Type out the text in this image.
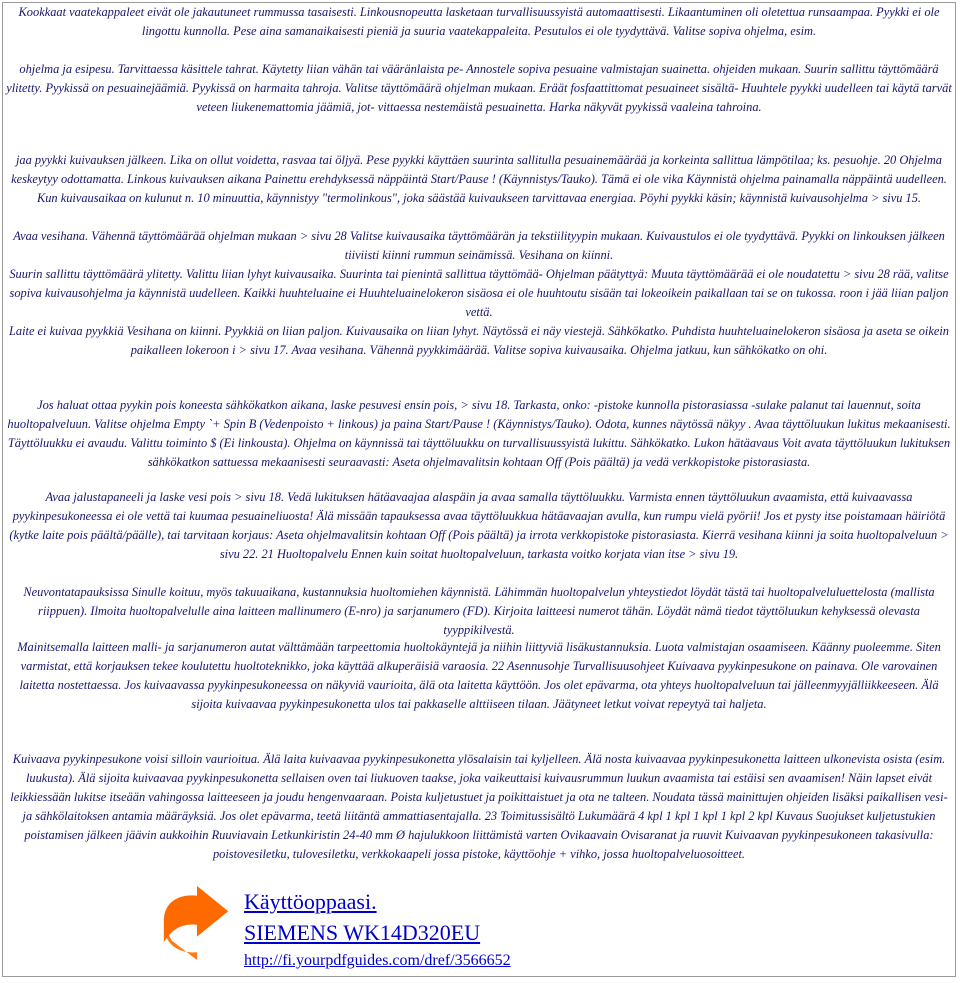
Kookkaat vaatekappaleet eivät ole jakautuneet rummussa tasaisesti. Linkousnopeutta lasketaan turvallisuussyistä automaattisesti. Likaantuminen oli oletettua runsaampaa. Pyykki ei ole lingottu kunnolla. Pese aina samanaikaisesti pieniä ja suuria vaatekappaleita. Pesutulos ei ole tyydyttävä. Valitse sopiva ohjelma, esim.

ohjelma ja esipesu. Tarvittaessa käsittele tahrat. Käytetty liian vähän tai vääränlaista pe- Annostele sopiva pesuaine valmistajan suainetta. ohjeiden mukaan. Suurin sallittu täyttömäärä ylitetty. Pyykissä on pesuainejäämiä. Pyykissä on harmaita tahroja. Valitse täyttömäärä ohjelman mukaan. Eräät fosfaattittomat pesuaineet sisältä- Huuhtele pyykki uudelleen tai käytä tarvät veteen liukenemattomia jäämiä, jot- vittaessa nestemäistä pesuainetta. Harka näkyvät pyykissä vaaleina tahroina.

jaa pyykki kuivauksen jälkeen. Lika on ollut voidetta, rasvaa tai öljyä. Pese pyykki käyttäen suurinta sallitulla pesuainemäärää ja korkeinta sallittua lämpötilaa; ks. pesuohje. 20 Ohjelma keskeytyy odottamatta. Linkous kuivauksen aikana Painettu erehdyksessä näppäintä Start/Pause ! (Käynnistys/Tauko). Tämä ei ole vika Käynnistä ohjelma painamalla näppäintä uudelleen. Kun kuivausaikaa on kulunut n. 10 minuuttia, käynnistyy "termolinkous", joka säästää kuivaukseen tarvittavaa energiaa. Pöyhi pyykki käsin; käynnistä kuivausohjelma > sivu 15.

Avaa vesihana. Vähennä täyttömäärää ohjelman mukaan > sivu 28 Valitse kuivausaika täyttömäärän ja tekstiilityypin mukaan. Kuivaustulos ei ole tyydyttävä. Pyykki on linkouksen jälkeen tiiviisti kiinni rummun seinämissä. Vesihana on kiinni.

Suurin sallittu täyttömäärä ylitetty. Valittu liian lyhyt kuivausaika. Suurinta tai pienintä sallittua täyttömää- Ohjelman päätyttyä: Muuta täyttömäärää ei ole noudatettu > sivu 28 rää, valitse sopiva kuivausohjelma ja käynnistä uudelleen. Kaikki huuhteluaine ei Huuhteluainelokeron sisäosa ei ole huuhtoutu sisään tai lokeoikein paikallaan tai se on tukossa. roon i jää liian paljon vettä.

Laite ei kuivaa pyykkiä Vesihana on kiinni. Pyykkiä on liian paljon. Kuivausaika on liian lyhyt. Näytössä ei näy viestejä. Sähkökatko. Puhdista huuhteluainelokeron sisäosa ja aseta se oikein paikalleen lokeroon i > sivu 17. Avaa vesihana. Vähennä pyykkimäärää. Valitse sopiva kuivausaika. Ohjelma jatkuu, kun sähkökatko on ohi.

Jos haluat ottaa pyykin pois koneesta sähkökatkon aikana, laske pesuvesi ensin pois, > sivu 18. Tarkasta, onko: -pistoke kunnolla pistorasiassa -sulake palanut tai lauennut, soita huoltopalveluun. Valitse ohjelma Empty `+ Spin B (Vedenpoisto + linkous) ja paina Start/Pause ! (Käynnistys/Tauko). Odota, kunnes näytössä näkyy . Avaa täyttöluukun lukitus mekaanisesti. Täyttöluukku ei avaudu. Valittu toiminto $ (Ei linkousta). Ohjelma on käynnissä tai täyttöluukku on turvallisuussyistä lukittu. Sähkökatko. Lukon hätäavaus Voit avata täyttöluukun lukituksen sähkökatkon sattuessa mekaanisesti seuraavasti: Aseta ohjelmavalitsin kohtaan Off (Pois päältä) ja vedä verkkopistoke pistorasiasta.

Avaa jalustapaneeli ja laske vesi pois > sivu 18. Vedä lukituksen hätäavaajaa alaspäin ja avaa samalla täyttöluukku. Varmista ennen täyttöluukun avaamista, että kuivaavassa pyykinpesukoneessa ei ole vettä tai kuumaa pesuaineliuosta! Älä missään tapauksessa avaa täyttöluukkua hätäavaajan avulla, kun rumpu vielä pyörii! Jos et pysty itse poistamaan häiriötä (kytke laite pois päältä/päälle), tai tarvitaan korjaus: Aseta ohjelmavalitsin kohtaan Off (Pois päältä) ja irrota verkkopistoke pistorasiasta. Kierrä vesihana kiinni ja soita huoltopalveluun > sivu 22. 21 Huoltopalvelu Ennen kuin soitat huoltopalveluun, tarkasta voitko korjata vian itse > sivu 19.

Neuvontatapauksissa Sinulle koituu, myös takuuaikana, kustannuksia huoltomiehen käynnistä. Lähimmän huoltopalvelun yhteystiedot löydät tästä tai huoltopalveluluettelosta (mallista riippuen). Ilmoita huoltopalvelulle aina laitteen mallinumero (E-nro) ja sarjanumero (FD). Kirjoita laitteesi numerot tähän. Löydät nämä tiedot täyttöluukun kehyksessä olevasta tyyppikilvestä.

Mainitsemalla laitteen malli- ja sarjanumeron autat välttämään tarpeettomia huoltokäyntejä ja niihin liittyviä lisäkustannuksia. Luota valmistajan osaamiseen. Käänny puoleemme. Siten varmistat, että korjauksen tekee koulutettu huoltoteknikko, joka käyttää alkuperäisiä varaosia. 22 Asennusohje Turvallisuusohjeet Kuivaava pyykinpesukone on painava. Ole varovainen laitetta nostettaessa. Jos kuivaavassa pyykinpesukoneessa on näkyviä vaurioita, älä ota laitetta käyttöön. Jos olet epävarma, ota yhteys huoltopalveluun tai jälleenmyyjälliikkeeseen. Älä sijoita kuivaavaa pyykinpesukonetta ulos tai pakkaselle alttiiseen tilaan. Jäätyneet letkut voivat repeytyä tai haljeta.

Kuivaava pyykinpesukone voisi silloin vaurioitua. Älä laita kuivaavaa pyykinpesukonetta ylösalaisin tai kyljelleen. Älä nosta kuivaavaa pyykinpesukonetta laitteen ulkonevista osista (esim. luukusta). Älä sijoita kuivaavaa pyykinpesukonetta sellaisen oven tai liukuoven taakse, joka vaikeuttaisi kuivausrummun luukun avaamista tai estäisi sen avaamisen! Näin lapset eivät leikkiessään lukitse itseään vahingossa laitteeseen ja joudu hengenvaaraan. Poista kuljetustuet ja poikittaistuet ja ota ne talteen. Noudata tässä mainittujen ohjeiden lisäksi paikallisen vesi- ja sähkölaitoksen antamia määräyksiä. Jos olet epävarma, teetä liitäntä ammattiasentajalla. 23 Toimitussisältö Lukumäärä 4 kpl 1 kpl 1 kpl 1 kpl 2 kpl Kuvaus Suojukset kuljetustukien poistamisen jälkeen jäävin aukkoihin Ruuviavain Letkunkiristin 24-40 mm Ø hajulukkoon liittämistä varten Ovikaavain Ovisaranat ja ruuvit Kuivaavan pyykinpesukoneen takasivulla: poistovesiletku, tulovesiletku, verkkokaapeli jossa pistoke, käyttöohje + vihko, jossa huoltopalveluosoitteet.

Käyttöoppaasi.
SIEMENS WK14D320EU
http://fi.yourpdfguides.com/dref/3566652
